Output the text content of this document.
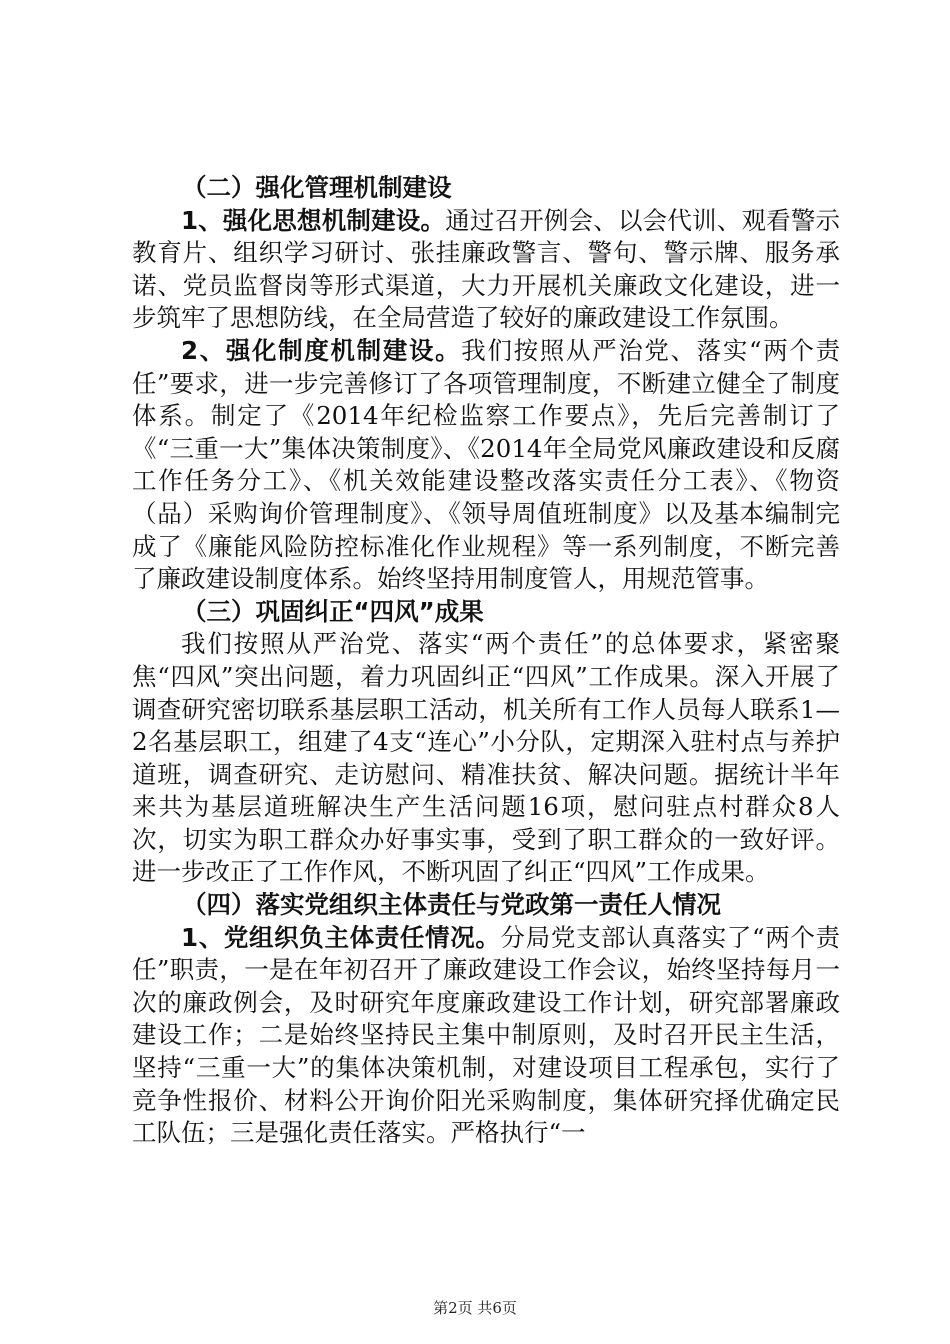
（二）强化管理机制建设

1、强化思想机制建设。通过召开例会、以会代训、观看警示教育片、组织学习研讨、张挂廉政警言、警句、警示牌、服务承诺、党员监督岗等形式渠道，大力开展机关廉政文化建设，进一步筑牢了思想防线，在全局营造了较好的廉政建设工作氛围。

2、强化制度机制建设。我们按照从严治党、落实“两个责任”要求，进一步完善修订了各项管理制度，不断建立健全了制度体系。制定了《2014年纪检监察工作要点》，先后完善制订了《“三重一大”集体决策制度》、《2014年全局党风廉政建设和反腐工作任务分工》、《机关效能建设整改落实责任分工表》、《物资（品）采购询价管理制度》、《领导周值班制度》以及基本编制完成了《廉能风险防控标准化作业规程》等一系列制度，不断完善了廉政建设制度体系。始终坚持用制度管人，用规范管事。

（三）巩固纠正“四风”成果

我们按照从严治党、落实“两个责任”的总体要求，紧密聚焦“四风”突出问题，着力巩固纠正“四风”工作成果。深入开展了调查研究密切联系基层职工活动，机关所有工作人员每人联系1—2名基层职工，组建了4支“连心”小分队，定期深入驻村点与养护道班，调查研究、走访慰问、精准扶贫、解决问题。据统计半年来共为基层道班解决生产生活问题16项，慰问驻点村群众8人次，切实为职工群众办好事实事，受到了职工群众的一致好评。进一步改正了工作作风，不断巩固了纠正“四风”工作成果。

（四）落实党组织主体责任与党政第一责任人情况

1、党组织负主体责任情况。分局党支部认真落实了“两个责任”职责，一是在年初召开了廉政建设工作会议，始终坚持每月一次的廉政例会，及时研究年度廉政建设工作计划，研究部署廉政建设工作；二是始终坚持民主集中制原则，及时召开民主生活，坚持“三重一大”的集体决策机制，对建设项目工程承包，实行了竞争性报价、材料公开询价阳光采购制度，集体研究择优确定民工队伍；三是强化责任落实。严格执行“一

第2页 共6页
